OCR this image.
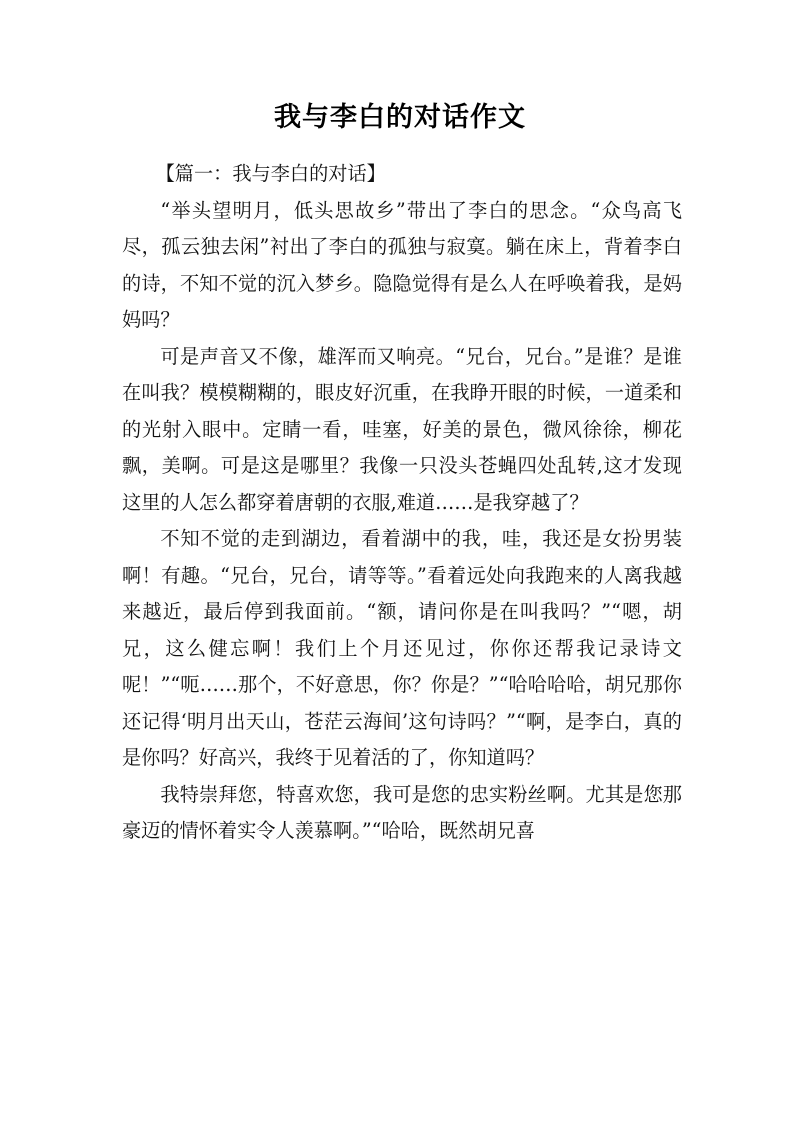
我与李白的对话作文

【篇一：我与李白的对话】

“举头望明月，低头思故乡”带出了李白的思念。“众鸟高飞尽，孤云独去闲”衬出了李白的孤独与寂寞。躺在床上，背着李白的诗，不知不觉的沉入梦乡。隐隐觉得有是么人在呼唤着我，是妈妈吗？

可是声音又不像，雄浑而又响亮。“兄台，兄台。”是谁？是谁在叫我？模模糊糊的，眼皮好沉重，在我睁开眼的时候，一道柔和的光射入眼中。定睛一看，哇塞，好美的景色，微风徐徐，柳花飘，美啊。可是这是哪里？我像一只没头苍蝇四处乱转,这才发现这里的人怎么都穿着唐朝的衣服,难道……是我穿越了？

不知不觉的走到湖边，看着湖中的我，哇，我还是女扮男装啊！有趣。“兄台，兄台，请等等。”看着远处向我跑来的人离我越来越近，最后停到我面前。“额，请问你是在叫我吗？”“嗯，胡兄，这么健忘啊！我们上个月还见过，你你还帮我记录诗文呢！”“呃……那个，不好意思，你？你是？”“哈哈哈哈，胡兄那你还记得‘明月出天山，苍茫云海间’这句诗吗？”“啊，是李白，真的是你吗？好高兴，我终于见着活的了，你知道吗？

我特崇拜您，特喜欢您，我可是您的忠实粉丝啊。尤其是您那豪迈的情怀着实令人羡慕啊。”“哈哈，既然胡兄喜
